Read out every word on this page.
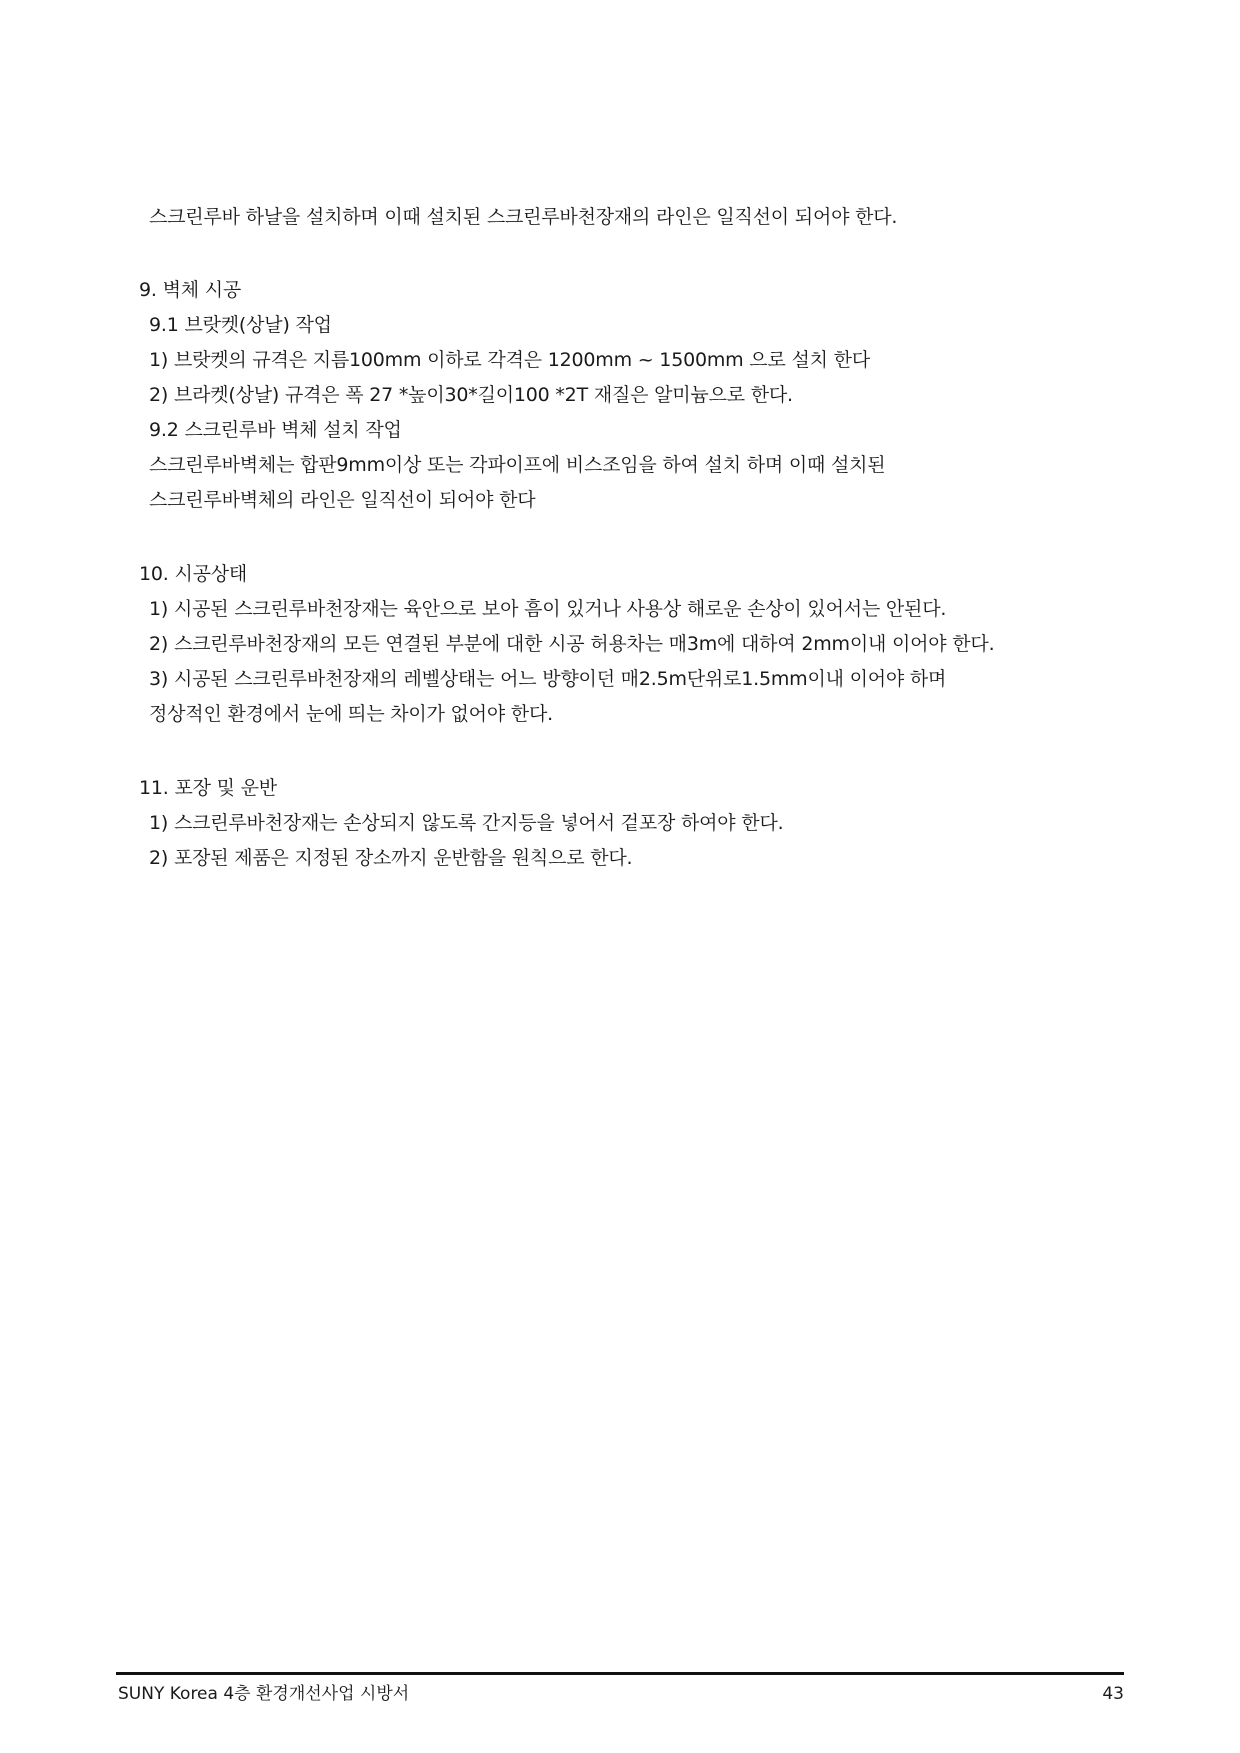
스크린루바 하날을 설치하며 이때 설치된 스크린루바천장재의 라인은 일직선이 되어야 한다.
9. 벽체 시공
9.1 브랏켓(상날) 작업
1) 브랏켓의 규격은 지름100mm 이하로 각격은 1200mm ~ 1500mm 으로 설치 한다
2) 브라켓(상날) 규격은 폭 27 *높이30*길이100 *2T 재질은 알미늄으로 한다.
9.2 스크린루바 벽체 설치 작업
스크린루바벽체는 합판9mm이상 또는 각파이프에 비스조임을 하여 설치 하며 이때 설치된
스크린루바벽체의 라인은 일직선이 되어야 한다
10. 시공상태
1) 시공된 스크린루바천장재는 육안으로 보아 흠이 있거나 사용상 해로운 손상이 있어서는 안된다.
2) 스크린루바천장재의 모든 연결된 부분에 대한 시공 허용차는 매3m에 대하여 2mm이내 이어야 한다.
3) 시공된 스크린루바천장재의 레벨상태는 어느 방향이던 매2.5m단위로1.5mm이내 이어야 하며
정상적인 환경에서 눈에 띄는 차이가 없어야 한다.
11. 포장 및 운반
1) 스크린루바천장재는 손상되지 않도록 간지등을 넣어서 겉포장 하여야 한다.
2) 포장된 제품은 지정된 장소까지 운반함을 원칙으로 한다.
SUNY Korea 4층 환경개선사업 시방서	43
